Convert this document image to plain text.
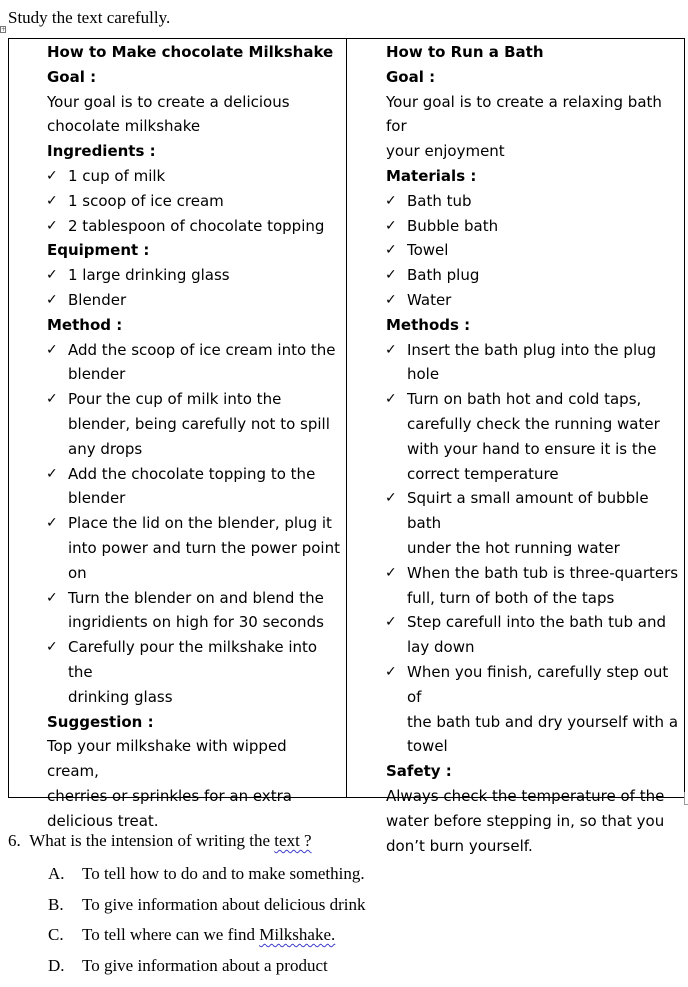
Study the text carefully.
+

How to Make chocolate Milkshake

Goal :

Your goal is to create a delicious

chocolate milkshake

Ingredients :

✓ 1 cup of milk
✓ 1 scoop of ice cream
✓ 2 tablespoon of chocolate topping

Equipment :

✓ 1 large drinking glass
✓ Blender

Method :

✓ Add the scoop of ice cream into the
blender
✓ Pour the cup of milk into the
blender, being carefully not to spill
any drops
✓ Add the chocolate topping to the
blender
✓ Place the lid on the blender, plug it
into power and turn the power point
on
✓ Turn the blender on and blend the
ingridients on high for 30 seconds
✓ Carefully pour the milkshake into the
drinking glass

Suggestion :

Top your milkshake with wipped cream,

cherries or sprinkles for an extra

delicious treat.

How to Run a Bath

Goal :

Your goal is to create a relaxing bath for

your enjoyment

Materials :

✓ Bath tub
✓ Bubble bath
✓ Towel
✓ Bath plug
✓ Water

Methods :

✓ Insert the bath plug into the plug
hole
✓ Turn on bath hot and cold taps,
carefully check the running water
with your hand to ensure it is the
correct temperature
✓ Squirt a small amount of bubble bath
under the hot running water
✓ When the bath tub is three-quarters
full, turn of both of the taps
✓ Step carefull into the bath tub and
lay down
✓ When you finish, carefully step out of
the bath tub and dry yourself with a
towel

Safety :

Always check the temperature of the

water before stepping in, so that you

don’t burn yourself.

6. What is the intension of writing the text ?
A.	To tell how to do and to make something.
B.	To give information about delicious drink
C.	To tell where can we find Milkshake.
D.	To give information about a product
